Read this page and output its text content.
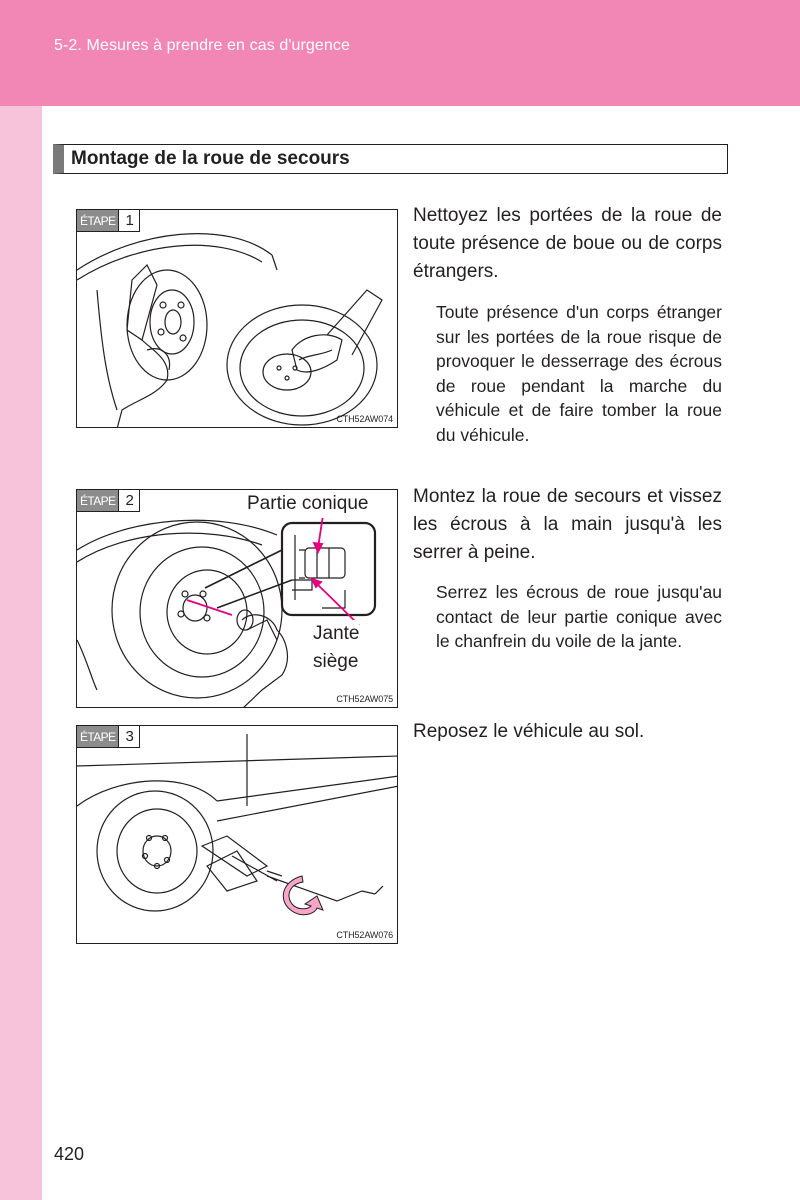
5-2. Mesures à prendre en cas d'urgence
Montage de la roue de secours
ÉTAPE 1
CTH52AW074
Nettoyez les portées de la roue de toute présence de boue ou de corps étrangers.
Toute présence d'un corps étranger sur les portées de la roue risque de provoquer le desserrage des écrous de roue pendant la marche du véhicule et de faire tomber la roue du véhicule.
ÉTAPE 2	Partie conique
Jante
siège
CTH52AW075
Montez la roue de secours et vissez les écrous à la main jusqu'à les serrer à peine.
Serrez les écrous de roue jusqu'au contact de leur partie conique avec le chanfrein du voile de la jante.
ÉTAPE 3
CTH52AW076
Reposez le véhicule au sol.
420
